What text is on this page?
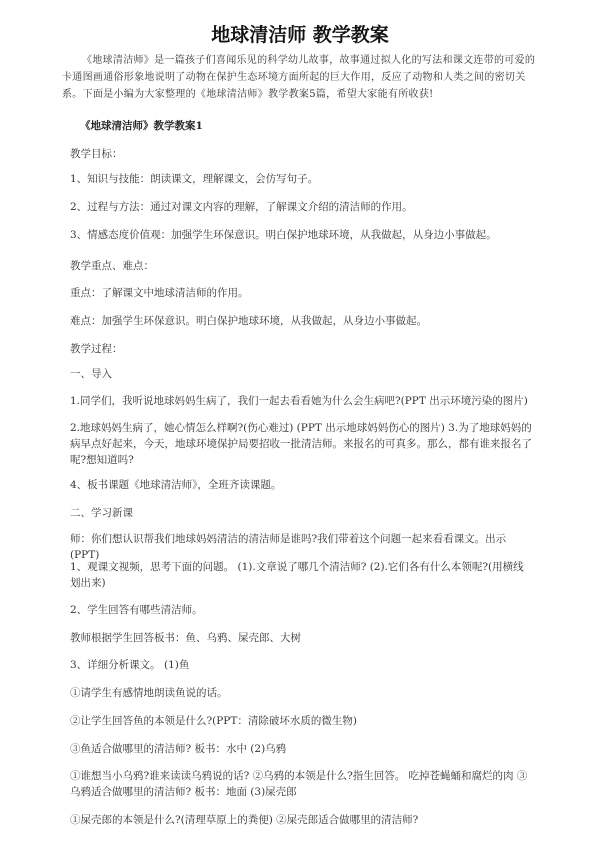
地球清洁师 教学教案
《地球清洁师》是一篇孩子们喜闻乐见的科学幼儿故事，故事通过拟人化的写法和课文连带的可爱的卡通图画通俗形象地说明了动物在保护生态环境方面所起的巨大作用，反应了动物和人类之间的密切关系。下面是小编为大家整理的《地球清洁师》教学教案5篇，希望大家能有所收获!
《地球清洁师》教学教案1
教学目标：
1、知识与技能：朗读课文，理解课文，会仿写句子。
2、过程与方法：通过对课文内容的理解，了解课文介绍的清洁师的作用。
3、情感态度价值观：加强学生环保意识。明白保护地球环境，从我做起，从身边小事做起。
教学重点、难点：
重点：了解课文中地球清洁师的作用。
难点：加强学生环保意识。明白保护地球环境，从我做起，从身边小事做起。
教学过程：
一、导入
1.同学们，我听说地球妈妈生病了，我们一起去看看她为什么会生病吧?(PPT 出示环境污染的图片)
2.地球妈妈生病了，她心情怎么样啊?(伤心难过) (PPT 出示地球妈妈伤心的图片) 3.为了地球妈妈的病早点好起来，今天，地球环境保护局要招收一批清洁师。来报名的可真多。那么，都有谁来报名了呢?想知道吗?
4、板书课题《地球清洁师》，全班齐读课题。
二、学习新课
师：你们想认识帮我们地球妈妈清洁的清洁师是谁吗?我们带着这个问题一起来看看课文。出示(PPT)
1、观课文视频，思考下面的问题。 (1).文章说了哪几个清洁师? (2).它们各有什么本领呢?(用横线划出来)
2、学生回答有哪些清洁师。
教师根据学生回答板书：鱼、乌鸦、屎壳郎、大树
3、详细分析课文。 (1)鱼
①请学生有感情地朗读鱼说的话。
②让学生回答鱼的本领是什么?(PPT：清除破坏水质的微生物)
③鱼适合做哪里的清洁师? 板书：水中 (2)乌鸦
①谁想当小乌鸦?谁来读读乌鸦说的话? ②乌鸦的本领是什么?指生回答。 吃掉苍蝇蛹和腐烂的肉 ③乌鸦适合做哪里的清洁师? 板书：地面 (3)屎壳郎
①屎壳郎的本领是什么?(清理草原上的粪便) ②屎壳郎适合做哪里的清洁师?
